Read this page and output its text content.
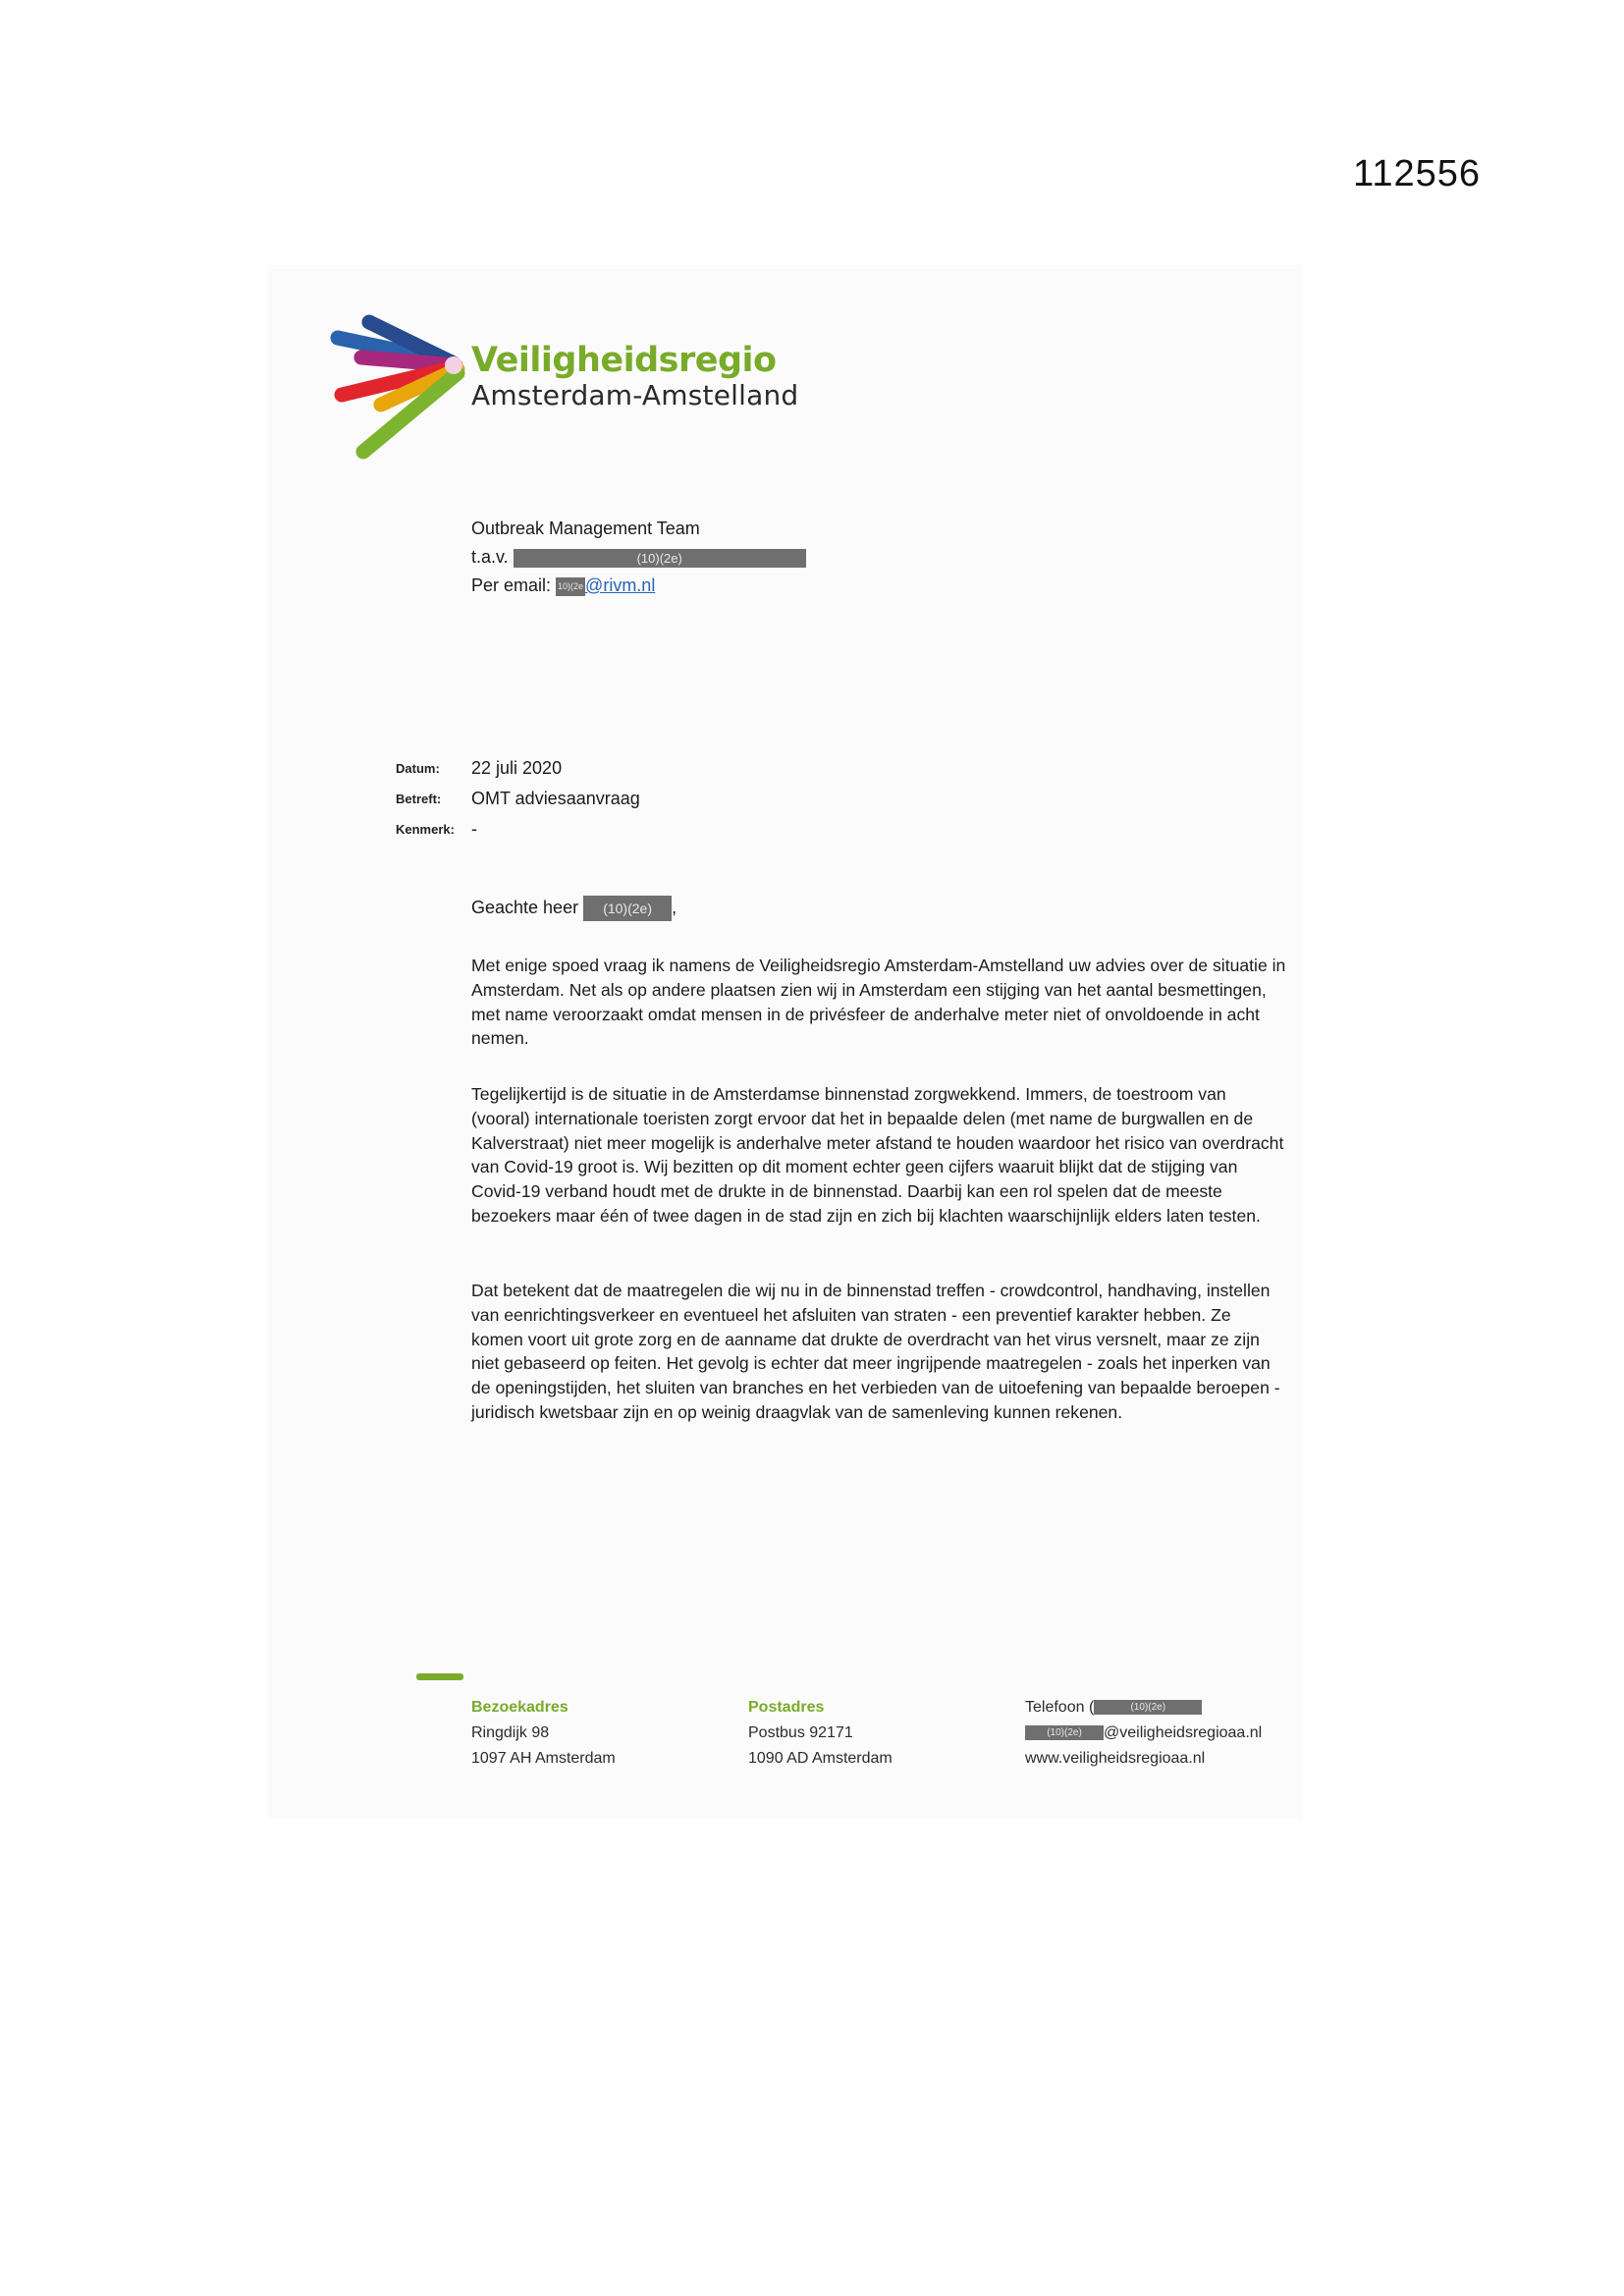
112556
Veiligheidsregio
Amsterdam-Amstelland
Outbreak Management Team
t.a.v.	(10)(2e)
Per email: 10)(2e @rivm.nl
Datum: 22 juli 2020
Betreft: OMT adviesaanvraag
Kenmerk: -
Geachte heer (10)(2e) ,
Met enige spoed vraag ik namens de Veiligheidsregio Amsterdam-Amstelland uw advies over de situatie in Amsterdam. Net als op andere plaatsen zien wij in Amsterdam een stijging van het aantal besmettingen, met name veroorzaakt omdat mensen in de privésfeer de anderhalve meter niet of onvoldoende in acht nemen.
Tegelijkertijd is de situatie in de Amsterdamse binnenstad zorgwekkend. Immers, de toestroom van (vooral) internationale toeristen zorgt ervoor dat het in bepaalde delen (met name de burgwallen en de Kalverstraat) niet meer mogelijk is anderhalve meter afstand te houden waardoor het risico van overdracht van Covid-19 groot is. Wij bezitten op dit moment echter geen cijfers waaruit blijkt dat de stijging van Covid-19 verband houdt met de drukte in de binnenstad. Daarbij kan een rol spelen dat de meeste bezoekers maar één of twee dagen in de stad zijn en zich bij klachten waarschijnlijk elders laten testen.
Dat betekent dat de maatregelen die wij nu in de binnenstad treffen - crowdcontrol, handhaving, instellen van eenrichtingsverkeer en eventueel het afsluiten van straten - een preventief karakter hebben. Ze komen voort uit grote zorg en de aanname dat drukte de overdracht van het virus versnelt, maar ze zijn niet gebaseerd op feiten. Het gevolg is echter dat meer ingrijpende maatregelen - zoals het inperken van de openingstijden, het sluiten van branches en het verbieden van de uitoefening van bepaalde beroepen - juridisch kwetsbaar zijn en op weinig draagvlak van de samenleving kunnen rekenen.
Bezoekadres
Ringdijk 98
1097 AH Amsterdam
Postadres
Postbus 92171
1090 AD Amsterdam
Telefoon (	(10)(2e)
(10)(2e) @veiligheidsregioaa.nl
www.veiligheidsregioaa.nl
